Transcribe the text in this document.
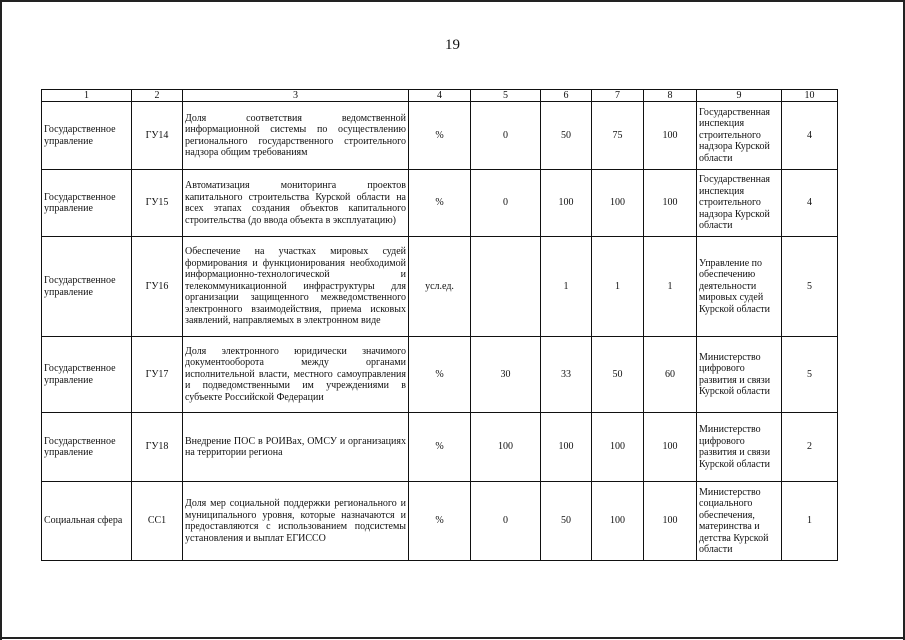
19
1	2	3	4	5	6	7	8	9	10
Государственное управление	ГУ14	Доля соответствия ведомственной информационной системы по осуществлению регионального государственного строительного надзора общим требованиям	%	0	50	75	100	Государственная инспекция строительного надзора Курской области	4
Государственное управление	ГУ15	Автоматизация мониторинга проектов капитального строительства Курской области на всех этапах создания объектов капитального строительства (до ввода объекта в эксплуатацию)	%	0	100	100	100	Государственная инспекция строительного надзора Курской области	4
Государственное управление	ГУ16	Обеспечение на участках мировых судей формирования и функционирования необходимой информационно-технологической и телекоммуникационной инфраструктуры для организации защищенного межведомственного электронного взаимодействия, приема исковых заявлений, направляемых в электронном виде	усл.ед.		1	1	1	Управление по обеспечению деятельности мировых судей Курской области	5
Государственное управление	ГУ17	Доля электронного юридически значимого документооборота между органами исполнительной власти, местного самоуправления и подведомственными им учреждениями в субъекте Российской Федерации	%	30	33	50	60	Министерство цифрового развития и связи Курской области	5
Государственное управление	ГУ18	Внедрение ПОС в РОИВах, ОМСУ и организациях на территории региона	%	100	100	100	100	Министерство цифрового развития и связи Курской области	2
Социальная сфера	СС1	Доля мер социальной поддержки регионального и муниципального уровня, которые назначаются и предоставляются с использованием подсистемы установления и выплат ЕГИССО	%	0	50	100	100	Министерство социального обеспечения, материнства и детства Курской области	1
